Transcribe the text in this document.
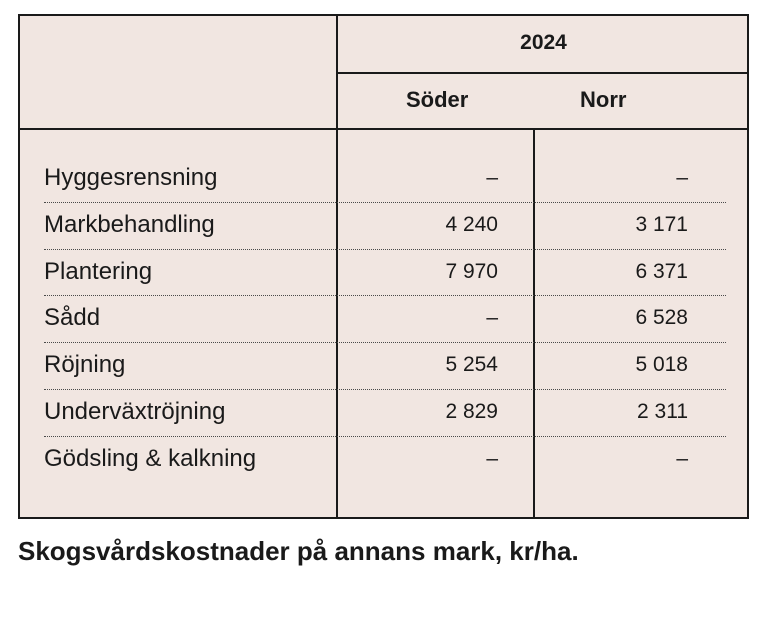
2024
Söder	Norr
Hyggesrensning	–	–
Markbehandling	4 240	3 171
Plantering	7 970	6 371
Sådd	–	6 528
Röjning	5 254	5 018
Underväxtröjning	2 829	2 311
Gödsling & kalkning	–	–
Skogsvårdskostnader på annans mark, kr/ha.
